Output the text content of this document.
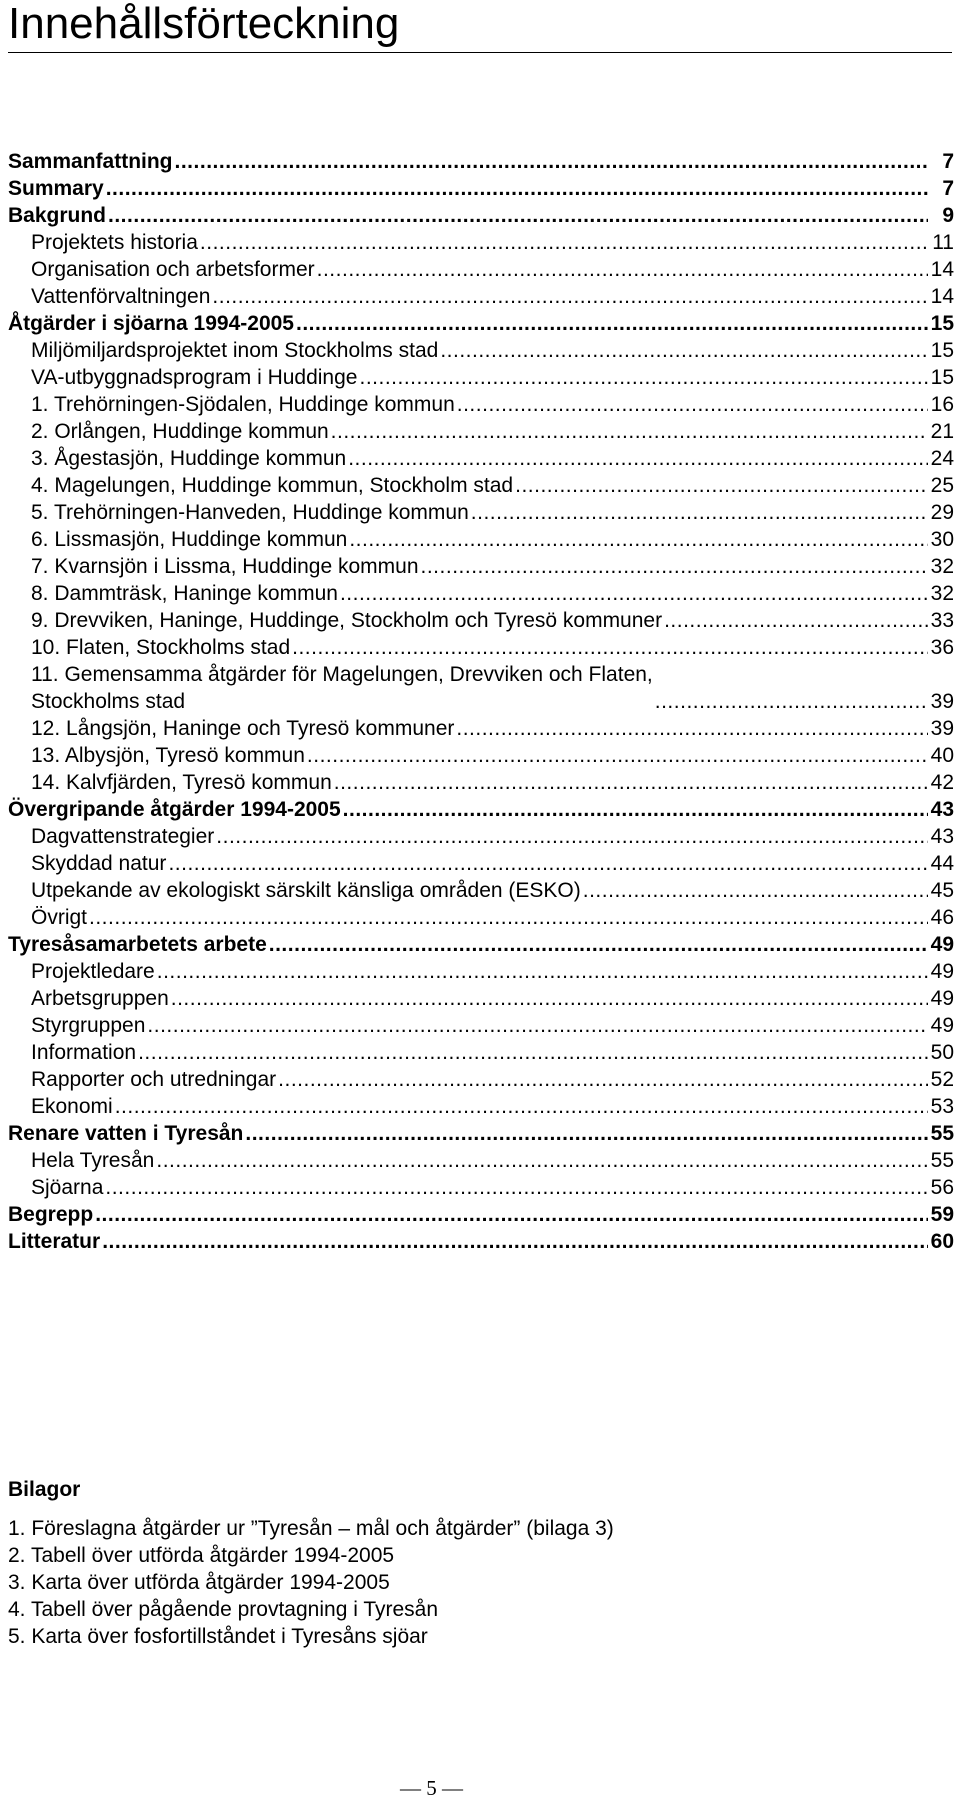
Innehållsförteckning
Sammanfattning .....	7
Summary .....	7
Bakgrund .....	9
Projektets historia .....	11
Organisation och arbetsformer .....	14
Vattenförvaltningen .....	14
Åtgärder i sjöarna 1994-2005 .....	15
Miljömiljardsprojektet inom Stockholms stad .....	15
VA-utbyggnadsprogram i Huddinge .....	15
1. Trehörningen-Sjödalen, Huddinge kommun .....	16
2. Orlången, Huddinge kommun .....	21
3. Ågestasjön, Huddinge kommun .....	24
4. Magelungen, Huddinge kommun, Stockholm stad .....	25
5. Trehörningen-Hanveden, Huddinge kommun .....	29
6. Lissmasjön, Huddinge kommun .....	30
7. Kvarnsjön i Lissma, Huddinge kommun .....	32
8. Dammträsk, Haninge kommun .....	32
9. Drevviken, Haninge, Huddinge, Stockholm och Tyresö kommuner .....	33
10. Flaten, Stockholms stad .....	36
11. Gemensamma åtgärder för Magelungen, Drevviken och Flaten,
Stockholms stad .....	39
12. Långsjön, Haninge och Tyresö kommuner .....	39
13. Albysjön, Tyresö kommun .....	40
14. Kalvfjärden, Tyresö kommun .....	42
Övergripande åtgärder 1994-2005 .....	43
Dagvattenstrategier .....	43
Skyddad natur .....	44
Utpekande av ekologiskt särskilt känsliga områden (ESKO) .....	45
Övrigt .....	46
Tyresåsamarbetets arbete .....	49
Projektledare .....	49
Arbetsgruppen .....	49
Styrgruppen .....	49
Information .....	50
Rapporter och utredningar .....	52
Ekonomi .....	53
Renare vatten i Tyresån .....	55
Hela Tyresån .....	55
Sjöarna .....	56
Begrepp .....	59
Litteratur .....	60
Bilagor
1. Föreslagna åtgärder ur ”Tyresån – mål och åtgärder” (bilaga 3)
2. Tabell över utförda åtgärder 1994-2005
3. Karta över utförda åtgärder 1994-2005
4. Tabell över pågående provtagning i Tyresån
5. Karta över fosfortillståndet i Tyresåns sjöar
— 5 —
